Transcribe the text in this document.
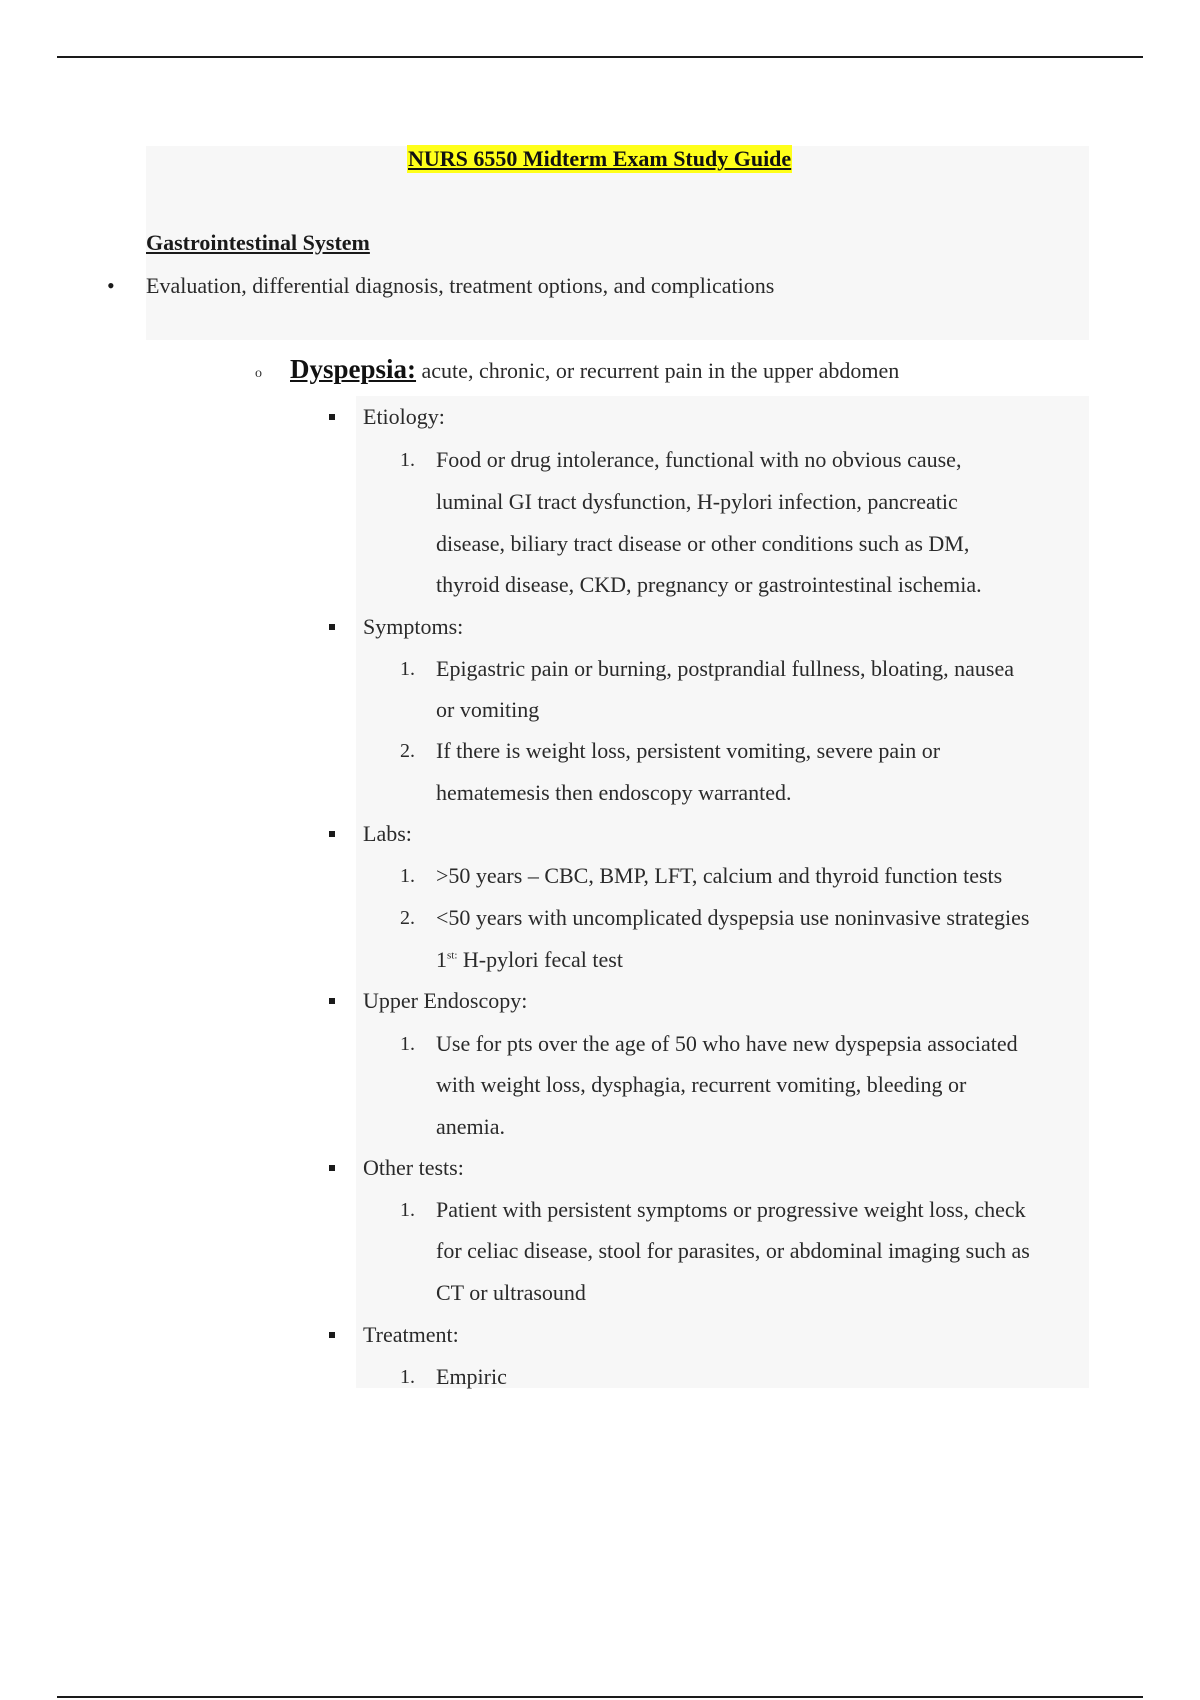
NURS 6550 Midterm Exam Study Guide
Gastrointestinal System
• Evaluation, differential diagnosis, treatment options, and complications
o Dyspepsia: acute, chronic, or recurrent pain in the upper abdomen
Etiology:
1. Food or drug intolerance, functional with no obvious cause,
luminal GI tract dysfunction, H-pylori infection, pancreatic
disease, biliary tract disease or other conditions such as DM,
thyroid disease, CKD, pregnancy or gastrointestinal ischemia.
Symptoms:
1. Epigastric pain or burning, postprandial fullness, bloating, nausea
or vomiting
2. If there is weight loss, persistent vomiting, severe pain or
hematemesis then endoscopy warranted.
Labs:
1. >50 years – CBC, BMP, LFT, calcium and thyroid function tests
2. <50 years with uncomplicated dyspepsia use noninvasive strategies
$1^{st:}$ H-pylori fecal test
Upper Endoscopy:
1. Use for pts over the age of 50 who have new dyspepsia associated
with weight loss, dysphagia, recurrent vomiting, bleeding or
anemia.
Other tests:
1. Patient with persistent symptoms or progressive weight loss, check
for celiac disease, stool for parasites, or abdominal imaging such as
CT or ultrasound
Treatment:
1. Empiric
